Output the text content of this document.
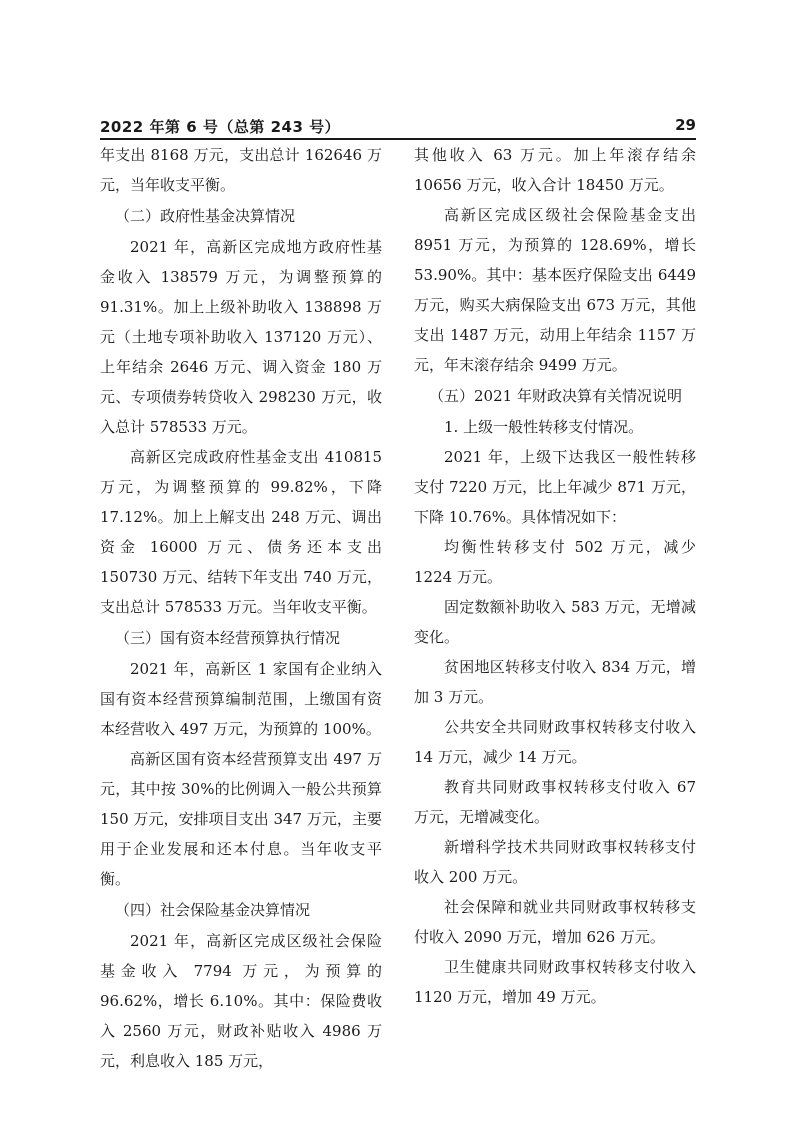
2022 年第 6 号（总第 243 号）	29

年支出 8168 万元，支出总计 162646 万元，当年收支平衡。

（二）政府性基金决算情况

2021 年，高新区完成地方政府性基金收入 138579 万元，为调整预算的 91.31%。加上上级补助收入 138898 万元（土地专项补助收入 137120 万元）、上年结余 2646 万元、调入资金 180 万元、专项债券转贷收入 298230 万元，收入总计 578533 万元。

高新区完成政府性基金支出 410815 万元，为调整预算的 99.82%，下降 17.12%。加上上解支出 248 万元、调出资金 16000 万元、债务还本支出 150730 万元、结转下年支出 740 万元，支出总计 578533 万元。当年收支平衡。

（三）国有资本经营预算执行情况

2021 年，高新区 1 家国有企业纳入国有资本经营预算编制范围，上缴国有资本经营收入 497 万元，为预算的 100%。

高新区国有资本经营预算支出 497 万元，其中按 30%的比例调入一般公共预算 150 万元，安排项目支出 347 万元，主要用于企业发展和还本付息。当年收支平衡。

（四）社会保险基金决算情况

2021 年，高新区完成区级社会保险基金收入 7794 万元，为预算的 96.62%，增长 6.10%。其中：保险费收入 2560 万元，财政补贴收入 4986 万元，利息收入 185 万元，

其他收入 63 万元。加上年滚存结余 10656 万元，收入合计 18450 万元。

高新区完成区级社会保险基金支出 8951 万元，为预算的 128.69%，增长 53.90%。其中：基本医疗保险支出 6449 万元，购买大病保险支出 673 万元，其他支出 1487 万元，动用上年结余 1157 万元，年末滚存结余 9499 万元。

（五）2021 年财政决算有关情况说明

1. 上级一般性转移支付情况。

2021 年，上级下达我区一般性转移支付 7220 万元，比上年减少 871 万元，下降 10.76%。具体情况如下：

均衡性转移支付 502 万元，减少 1224 万元。

固定数额补助收入 583 万元，无增减变化。

贫困地区转移支付收入 834 万元，增加 3 万元。

公共安全共同财政事权转移支付收入 14 万元，减少 14 万元。

教育共同财政事权转移支付收入 67 万元，无增减变化。

新增科学技术共同财政事权转移支付收入 200 万元。

社会保障和就业共同财政事权转移支付收入 2090 万元，增加 626 万元。

卫生健康共同财政事权转移支付收入 1120 万元，增加 49 万元。
